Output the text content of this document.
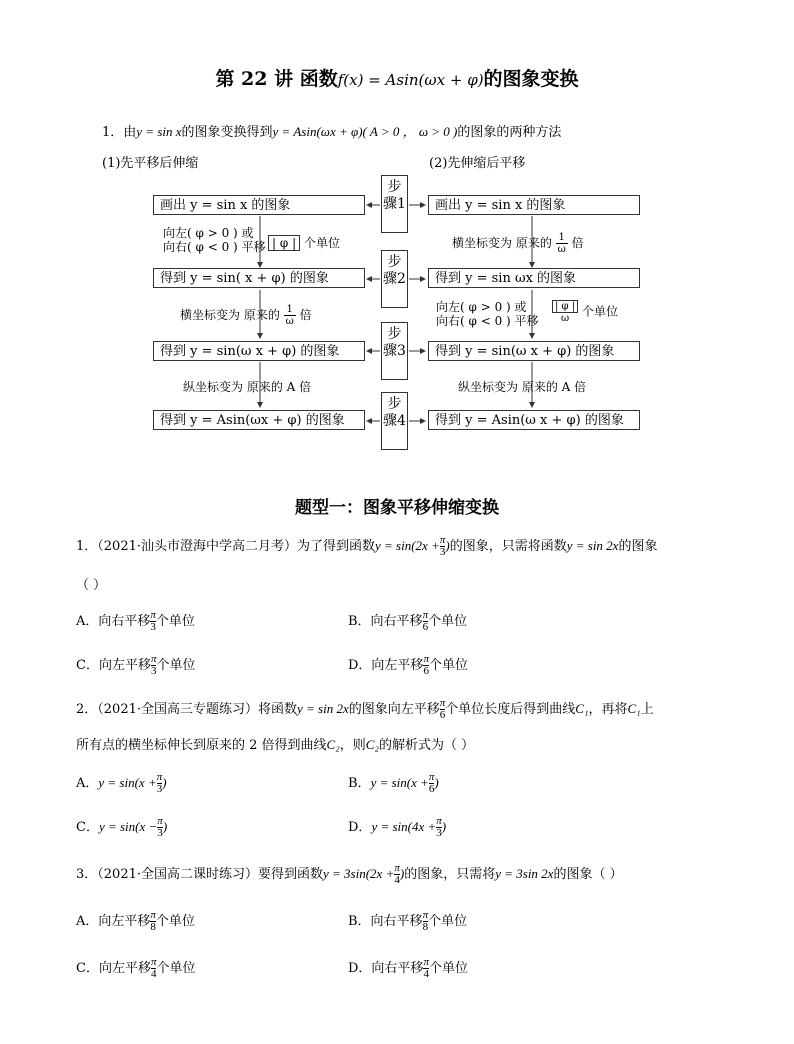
第 22 讲 函数f(x) = Asin(ωx + φ)的图象变换
1．由y = sin x的图象变换得到y = Asin(ωx + φ)( A > 0 ， ω > 0 )的图象的两种方法
(1)先平移后伸缩	(2)先伸缩后平移
画出 y = sin x 的图象
得到 y = sin( x + φ) 的图象
得到 y = sin(ω x + φ) 的图象
得到 y = Asin(ωx + φ) 的图象
画出 y = sin x 的图象
得到 y = sin ωx 的图象
得到 y = sin(ω x + φ) 的图象
得到 y = Asin(ω x + φ) 的图象
步骤1
步骤2
步骤3
步骤4
向左( φ > 0 ) 或
向右( φ < 0 ) 平移 | φ | 个单位
横坐标变为 原来的 $\frac{1}{\omega}$ 倍
纵坐标变为 原来的 A 倍
横坐标变为 原来的 $\frac{1}{\omega}$ 倍
向左( φ > 0 ) 或
向右( φ < 0 ) 平移 $\frac{| \varphi |}{\omega}$ 个单位
纵坐标变为 原来的 A 倍
题型一：图象平移伸缩变换
1．（2021·汕头市澄海中学高二月考）为了得到函数$y = \sin(2x + \frac{\pi}{3}$ )的图象，只需将函数y = sin 2x的图象
（ ）
A．向右平移 $\frac{\pi}{3}$ 个单位	B．向右平移 $\frac{\pi}{6}$ 个单位
C．向左平移 $\frac{\pi}{3}$ 个单位	D．向左平移 $\frac{\pi}{6}$ 个单位
2．（2021·全国高三专题练习）将函数y = sin 2x的图象向左平移 $\frac{\pi}{6}$ 个单位长度后得到曲线C₁，再将C₁上
所有点的横坐标伸长到原来的 2 倍得到曲线C₂，则C₂的解析式为（ ）
A．$y = \sin(x + \frac{\pi}{3}$ )	B．$y = \sin(x + \frac{\pi}{6}$ )
C．$y = \sin(x - \frac{\pi}{3}$ )	D．$y = \sin(4x + \frac{\pi}{3}$ )
3．（2021·全国高二课时练习）要得到函数$y = 3\sin(2x + \frac{\pi}{4}$ )的图象，只需将y = 3sin 2x的图象（ ）
A．向左平移 $\frac{\pi}{8}$ 个单位	B．向右平移 $\frac{\pi}{8}$ 个单位
C．向左平移 $\frac{\pi}{4}$ 个单位	D．向右平移 $\frac{\pi}{4}$ 个单位
